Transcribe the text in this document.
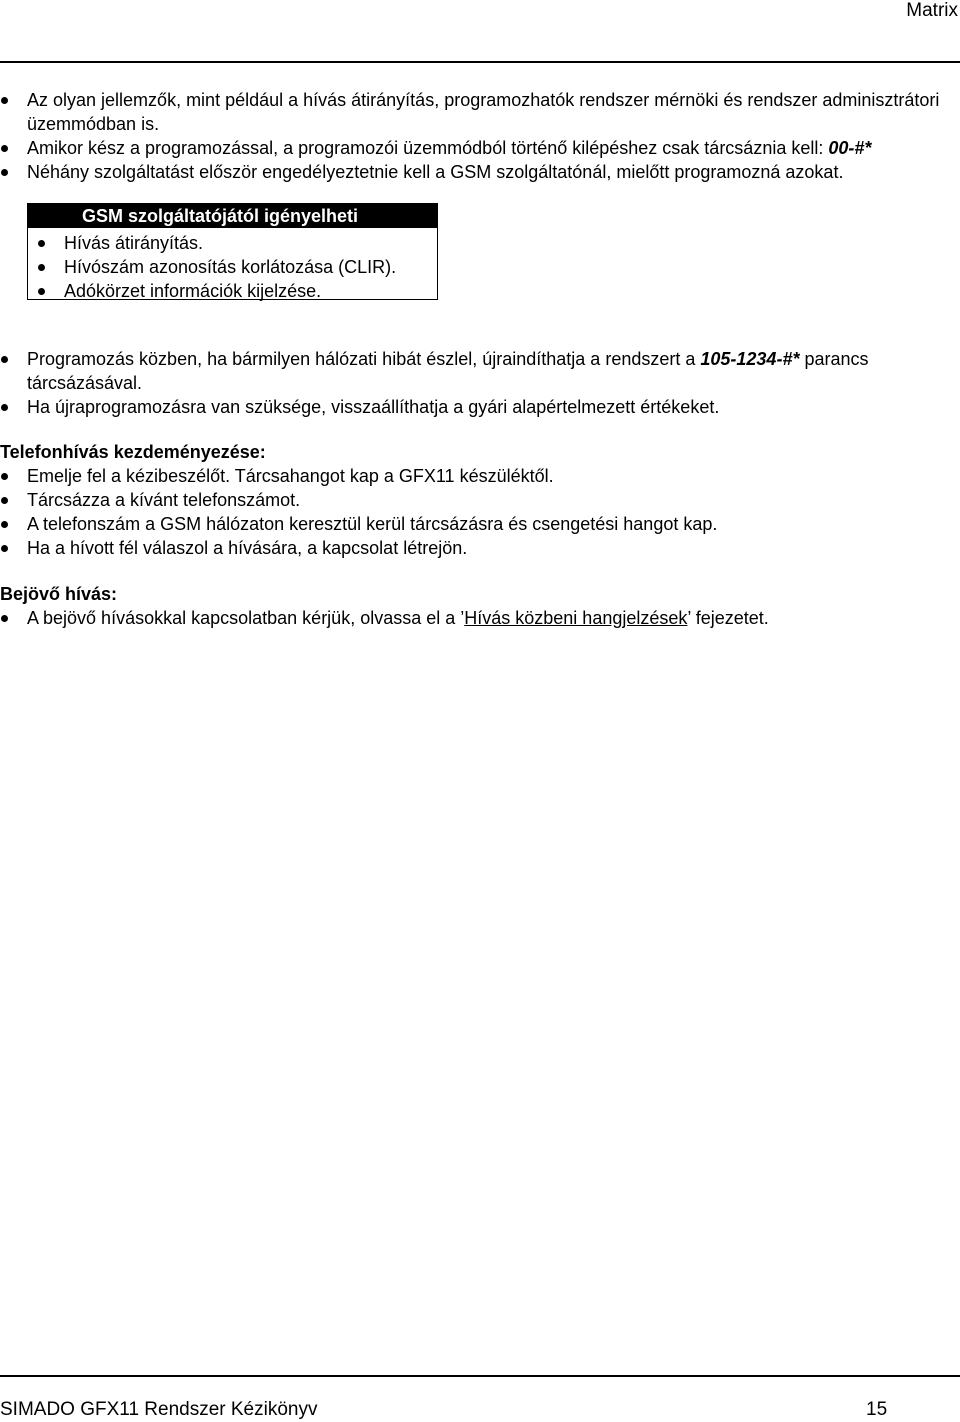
Matrix
Az olyan jellemzők, mint például a hívás átirányítás, programozhatók rendszer mérnöki és rendszer adminisztrátori üzemmódban is.
Amikor kész a programozással, a programozói üzemmódból történő kilépéshez csak tárcsáznia kell: 00-#*
Néhány szolgáltatást először engedélyeztetnie kell a GSM szolgáltatónál, mielőtt programozná azokat.
GSM szolgáltatójától igényelheti
Hívás átirányítás.
Hívószám azonosítás korlátozása (CLIR).
Adókörzet információk kijelzése.
Programozás közben, ha bármilyen hálózati hibát észlel, újraindíthatja a rendszert a 105-1234-#* parancs tárcsázásával.
Ha újraprogramozásra van szüksége, visszaállíthatja a gyári alapértelmezett értékeket.
Telefonhívás kezdeményezése:
Emelje fel a kézibeszélőt. Tárcsahangot kap a GFX11 készüléktől.
Tárcsázza a kívánt telefonszámot.
A telefonszám a GSM hálózaton keresztül kerül tárcsázásra és csengetési hangot kap.
Ha a hívott fél válaszol a hívására, a kapcsolat létrejön.
Bejövő hívás:
A bejövő hívásokkal kapcsolatban kérjük, olvassa el a ’Hívás közbeni hangjelzések’ fejezetet.
SIMADO GFX11 Rendszer Kézikönyv	15
